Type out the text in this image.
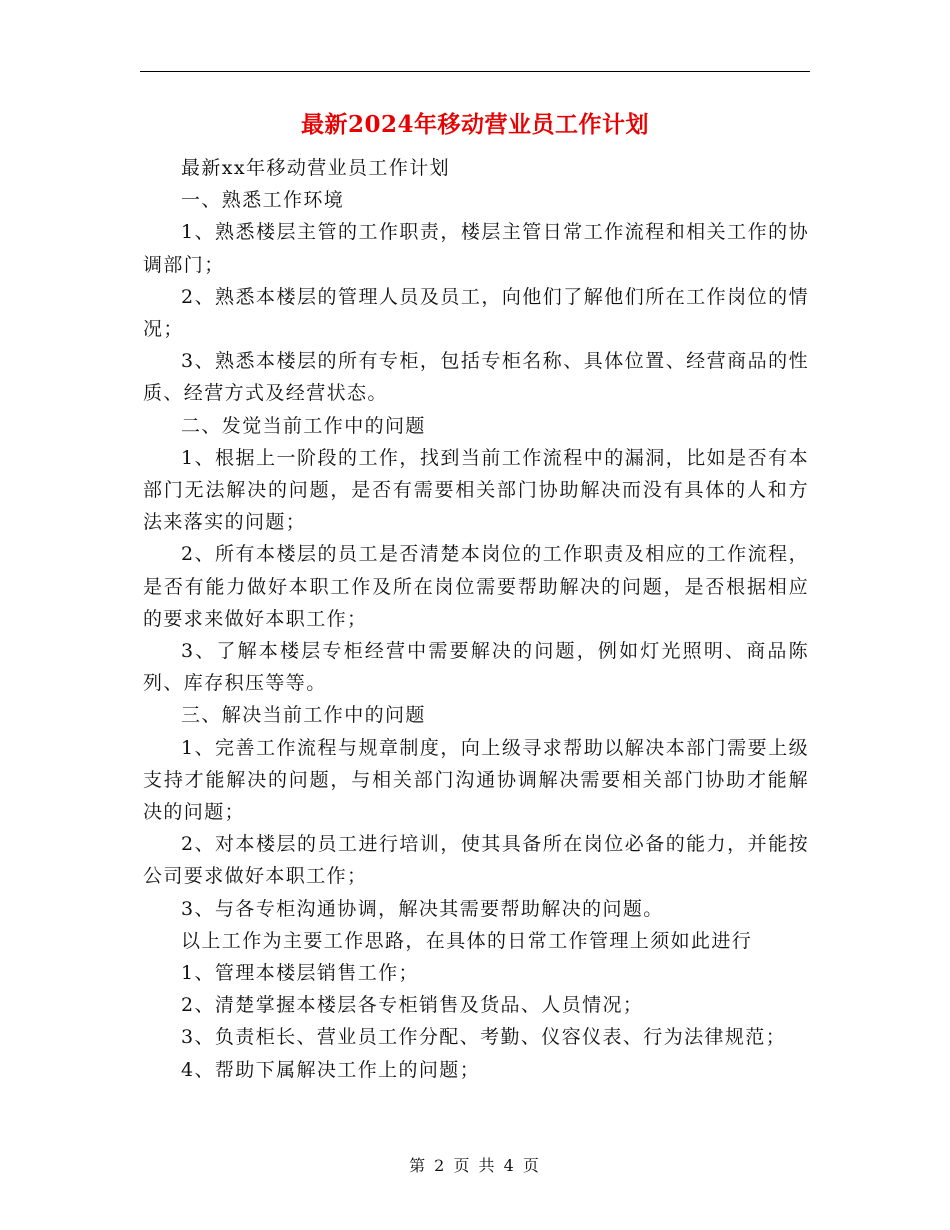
最新2024年移动营业员工作计划

最新xx年移动营业员工作计划

一、熟悉工作环境

1、熟悉楼层主管的工作职责，楼层主管日常工作流程和相关工作的协调部门；

2、熟悉本楼层的管理人员及员工，向他们了解他们所在工作岗位的情况；

3、熟悉本楼层的所有专柜，包括专柜名称、具体位置、经营商品的性质、经营方式及经营状态。

二、发觉当前工作中的问题

1、根据上一阶段的工作，找到当前工作流程中的漏洞，比如是否有本部门无法解决的问题，是否有需要相关部门协助解决而没有具体的人和方法来落实的问题；

2、所有本楼层的员工是否清楚本岗位的工作职责及相应的工作流程，是否有能力做好本职工作及所在岗位需要帮助解决的问题，是否根据相应的要求来做好本职工作；

3、了解本楼层专柜经营中需要解决的问题，例如灯光照明、商品陈列、库存积压等等。

三、解决当前工作中的问题

1、完善工作流程与规章制度，向上级寻求帮助以解决本部门需要上级支持才能解决的问题，与相关部门沟通协调解决需要相关部门协助才能解决的问题；

2、对本楼层的员工进行培训，使其具备所在岗位必备的能力，并能按公司要求做好本职工作；

3、与各专柜沟通协调，解决其需要帮助解决的问题。

以上工作为主要工作思路，在具体的日常工作管理上须如此进行

1、管理本楼层销售工作；

2、清楚掌握本楼层各专柜销售及货品、人员情况；

3、负责柜长、营业员工作分配、考勤、仪容仪表、行为法律规范；

4、帮助下属解决工作上的问题；

第 2 页 共 4 页
